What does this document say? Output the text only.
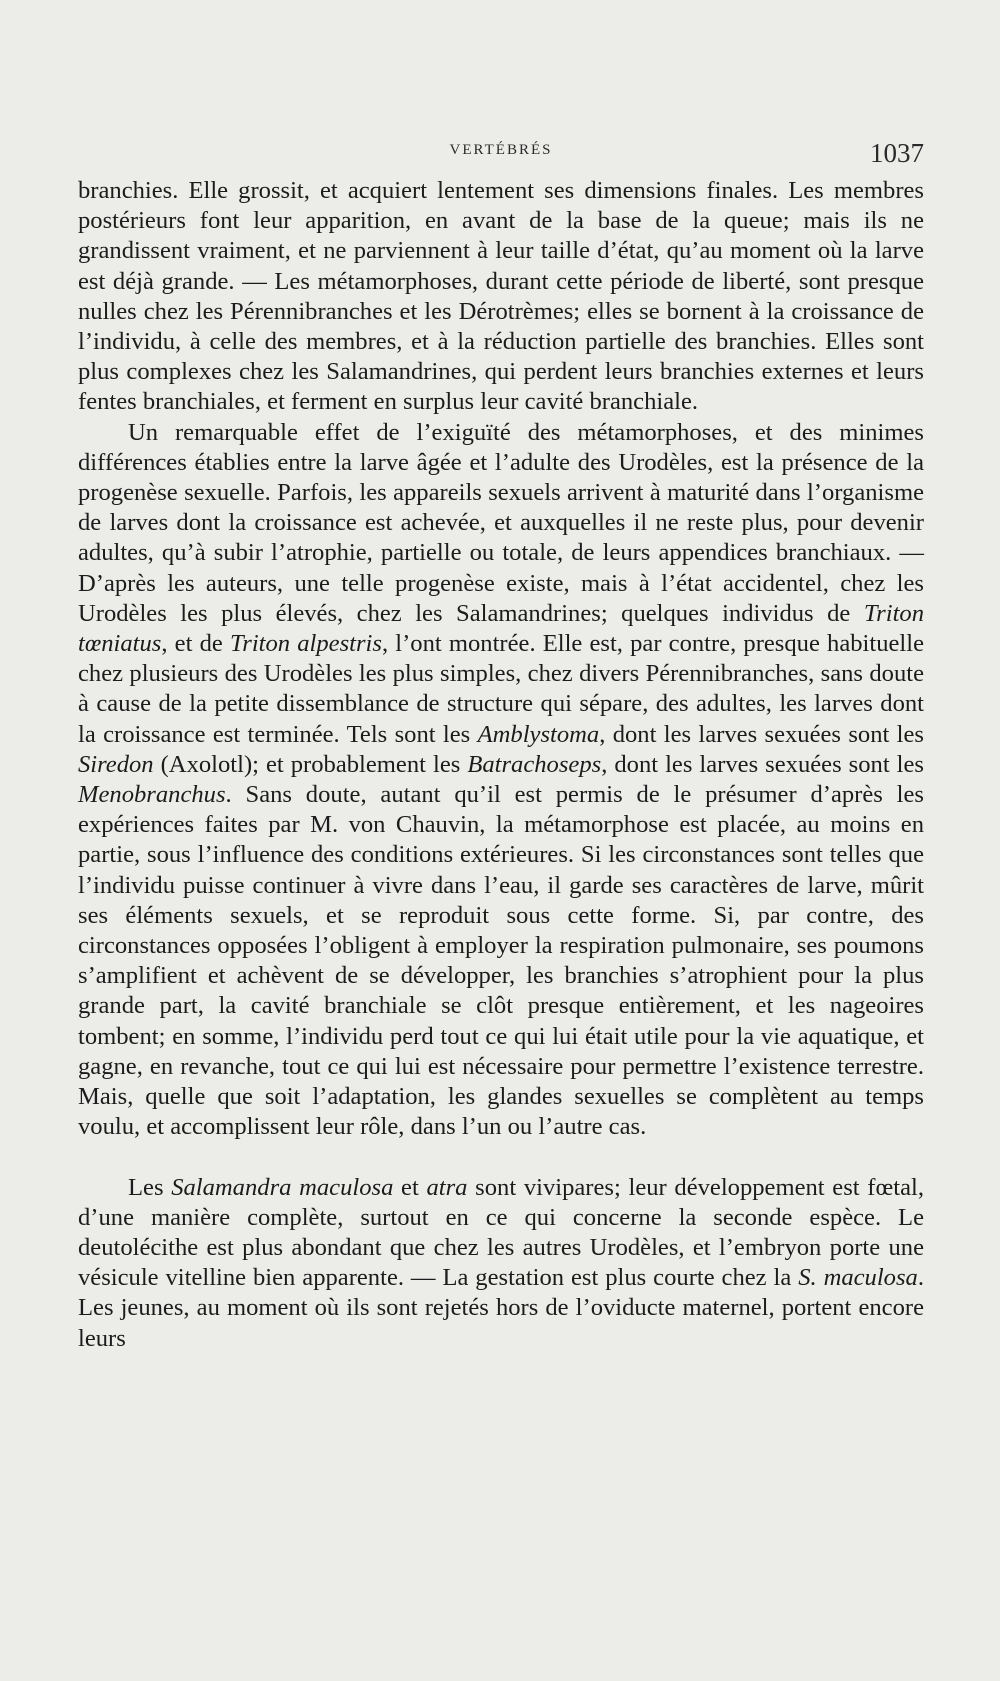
VERTÉBRÉS	1037

branchies. Elle grossit, et acquiert lentement ses dimensions finales. Les membres postérieurs font leur apparition, en avant de la base de la queue; mais ils ne grandissent vraiment, et ne parviennent à leur taille d’état, qu’au moment où la larve est déjà grande. — Les métamorphoses, durant cette période de liberté, sont presque nulles chez les Pérennibranches et les Dérotrèmes; elles se bornent à la croissance de l’individu, à celle des membres, et à la réduction partielle des branchies. Elles sont plus complexes chez les Salamandrines, qui perdent leurs branchies externes et leurs fentes branchiales, et ferment en surplus leur cavité branchiale.

Un remarquable effet de l’exiguïté des métamorphoses, et des minimes différences établies entre la larve âgée et l’adulte des Urodèles, est la présence de la progenèse sexuelle. Parfois, les appareils sexuels arrivent à maturité dans l’organisme de larves dont la croissance est achevée, et auxquelles il ne reste plus, pour devenir adultes, qu’à subir l’atrophie, partielle ou totale, de leurs appendices branchiaux. — D’après les auteurs, une telle progenèse existe, mais à l’état accidentel, chez les Urodèles les plus élevés, chez les Salamandrines; quelques individus de Triton tœniatus, et de Triton alpestris, l’ont montrée. Elle est, par contre, presque habituelle chez plusieurs des Urodèles les plus simples, chez divers Pérennibranches, sans doute à cause de la petite dissemblance de structure qui sépare, des adultes, les larves dont la croissance est terminée. Tels sont les Amblystoma, dont les larves sexuées sont les Siredon (Axolotl); et probablement les Batrachoseps, dont les larves sexuées sont les Menobranchus. Sans doute, autant qu’il est permis de le présumer d’après les expériences faites par M. von Chauvin, la métamorphose est placée, au moins en partie, sous l’influence des conditions extérieures. Si les circonstances sont telles que l’individu puisse continuer à vivre dans l’eau, il garde ses caractères de larve, mûrit ses éléments sexuels, et se reproduit sous cette forme. Si, par contre, des circonstances opposées l’obligent à employer la respiration pulmonaire, ses poumons s’amplifient et achèvent de se développer, les branchies s’atrophient pour la plus grande part, la cavité branchiale se clôt presque entièrement, et les nageoires tombent; en somme, l’individu perd tout ce qui lui était utile pour la vie aquatique, et gagne, en revanche, tout ce qui lui est nécessaire pour permettre l’existence terrestre. Mais, quelle que soit l’adaptation, les glandes sexuelles se complètent au temps voulu, et accomplissent leur rôle, dans l’un ou l’autre cas.

Les Salamandra maculosa et atra sont vivipares; leur développement est fœtal, d’une manière complète, surtout en ce qui concerne la seconde espèce. Le deutolécithe est plus abondant que chez les autres Urodèles, et l’embryon porte une vésicule vitelline bien apparente. — La gestation est plus courte chez la S. maculosa. Les jeunes, au moment où ils sont rejetés hors de l’oviducte maternel, portent encore leurs
